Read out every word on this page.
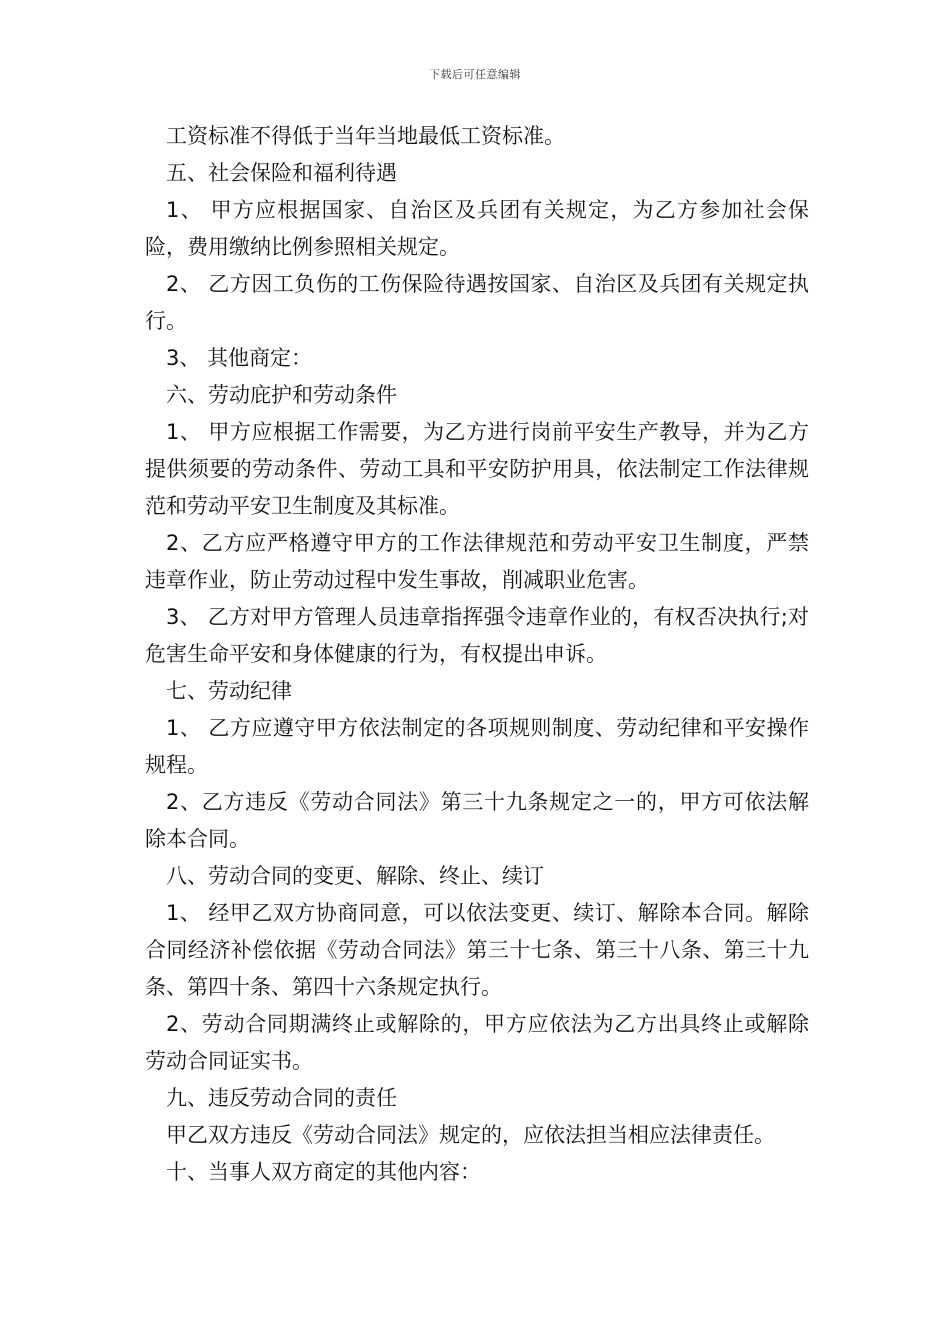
下载后可任意编辑

工资标准不得低于当年当地最低工资标准。

五、社会保险和福利待遇

1、 甲方应根据国家、自治区及兵团有关规定，为乙方参加社会保险，费用缴纳比例参照相关规定。

2、 乙方因工负伤的工伤保险待遇按国家、自治区及兵团有关规定执行。

3、 其他商定：

六、劳动庇护和劳动条件

1、 甲方应根据工作需要，为乙方进行岗前平安生产教导，并为乙方提供须要的劳动条件、劳动工具和平安防护用具，依法制定工作法律规范和劳动平安卫生制度及其标准。

2、乙方应严格遵守甲方的工作法律规范和劳动平安卫生制度，严禁违章作业，防止劳动过程中发生事故，削减职业危害。

3、 乙方对甲方管理人员违章指挥强令违章作业的，有权否决执行;对危害生命平安和身体健康的行为，有权提出申诉。

七、劳动纪律

1、 乙方应遵守甲方依法制定的各项规则制度、劳动纪律和平安操作规程。

2、乙方违反《劳动合同法》第三十九条规定之一的，甲方可依法解除本合同。

八、劳动合同的变更、解除、终止、续订

1、 经甲乙双方协商同意，可以依法变更、续订、解除本合同。解除合同经济补偿依据《劳动合同法》第三十七条、第三十八条、第三十九条、第四十条、第四十六条规定执行。

2、劳动合同期满终止或解除的，甲方应依法为乙方出具终止或解除劳动合同证实书。

九、违反劳动合同的责任

甲乙双方违反《劳动合同法》规定的，应依法担当相应法律责任。

十、当事人双方商定的其他内容：
